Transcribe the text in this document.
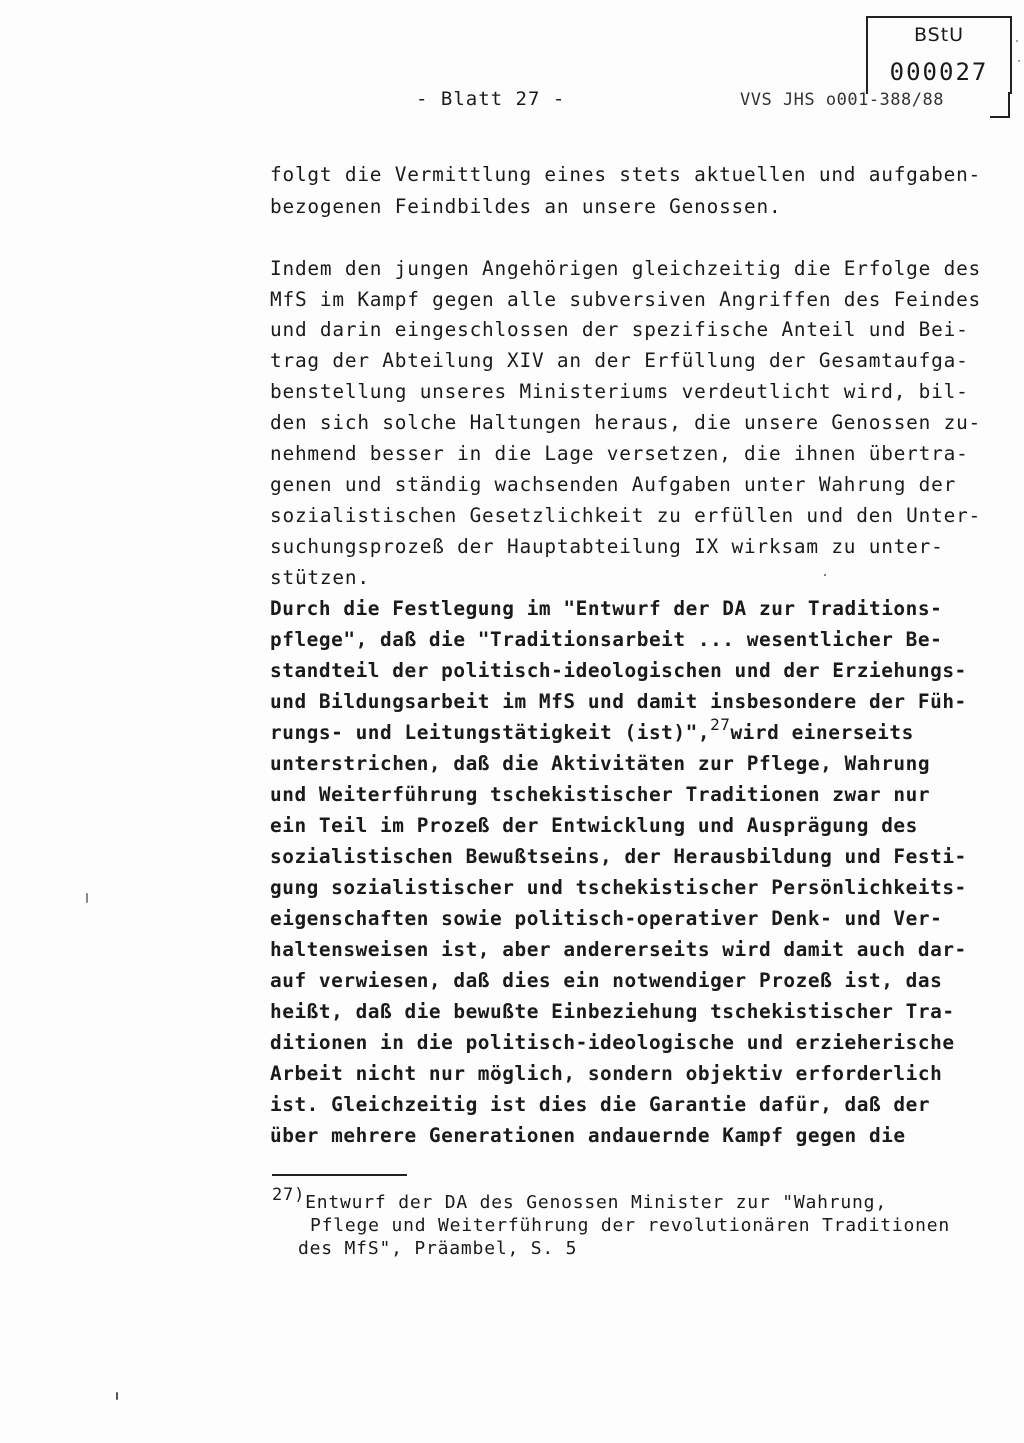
BStU
000027
- Blatt 27 -	VVS JHS o001-388/88
folgt die Vermittlung eines stets aktuellen und aufgaben-
bezogenen Feindbildes an unsere Genossen.
Indem den jungen Angehörigen gleichzeitig die Erfolge des
MfS im Kampf gegen alle subversiven Angriffen des Feindes
und darin eingeschlossen der spezifische Anteil und Bei-
trag der Abteilung XIV an der Erfüllung der Gesamtaufga-
benstellung unseres Ministeriums verdeutlicht wird, bil-
den sich solche Haltungen heraus, die unsere Genossen zu-
nehmend besser in die Lage versetzen, die ihnen übertra-
genen und ständig wachsenden Aufgaben unter Wahrung der
sozialistischen Gesetzlichkeit zu erfüllen und den Unter-
suchungsprozeß der Hauptabteilung IX wirksam zu unter-
stützen.
Durch die Festlegung im "Entwurf der DA zur Traditions-
pflege", daß die "Traditionsarbeit ... wesentlicher Be-
standteil der politisch-ideologischen und der Erziehungs-
und Bildungsarbeit im MfS und damit insbesondere der Füh-
rungs- und Leitungstätigkeit (ist)",$^{27}$wird einerseits
unterstrichen, daß die Aktivitäten zur Pflege, Wahrung
und Weiterführung tschekistischer Traditionen zwar nur
ein Teil im Prozeß der Entwicklung und Ausprägung des
sozialistischen Bewußtseins, der Herausbildung und Festi-
gung sozialistischer und tschekistischer Persönlichkeits-
eigenschaften sowie politisch-operativer Denk- und Ver-
haltensweisen ist, aber andererseits wird damit auch dar-
auf verwiesen, daß dies ein notwendiger Prozeß ist, das
heißt, daß die bewußte Einbeziehung tschekistischer Tra-
ditionen in die politisch-ideologische und erzieherische
Arbeit nicht nur möglich, sondern objektiv erforderlich
ist. Gleichzeitig ist dies die Garantie dafür, daß der
über mehrere Generationen andauernde Kampf gegen die
27)Entwurf der DA des Genossen Minister zur "Wahrung,
Pflege und Weiterführung der revolutionären Traditionen
des MfS", Präambel, S. 5
